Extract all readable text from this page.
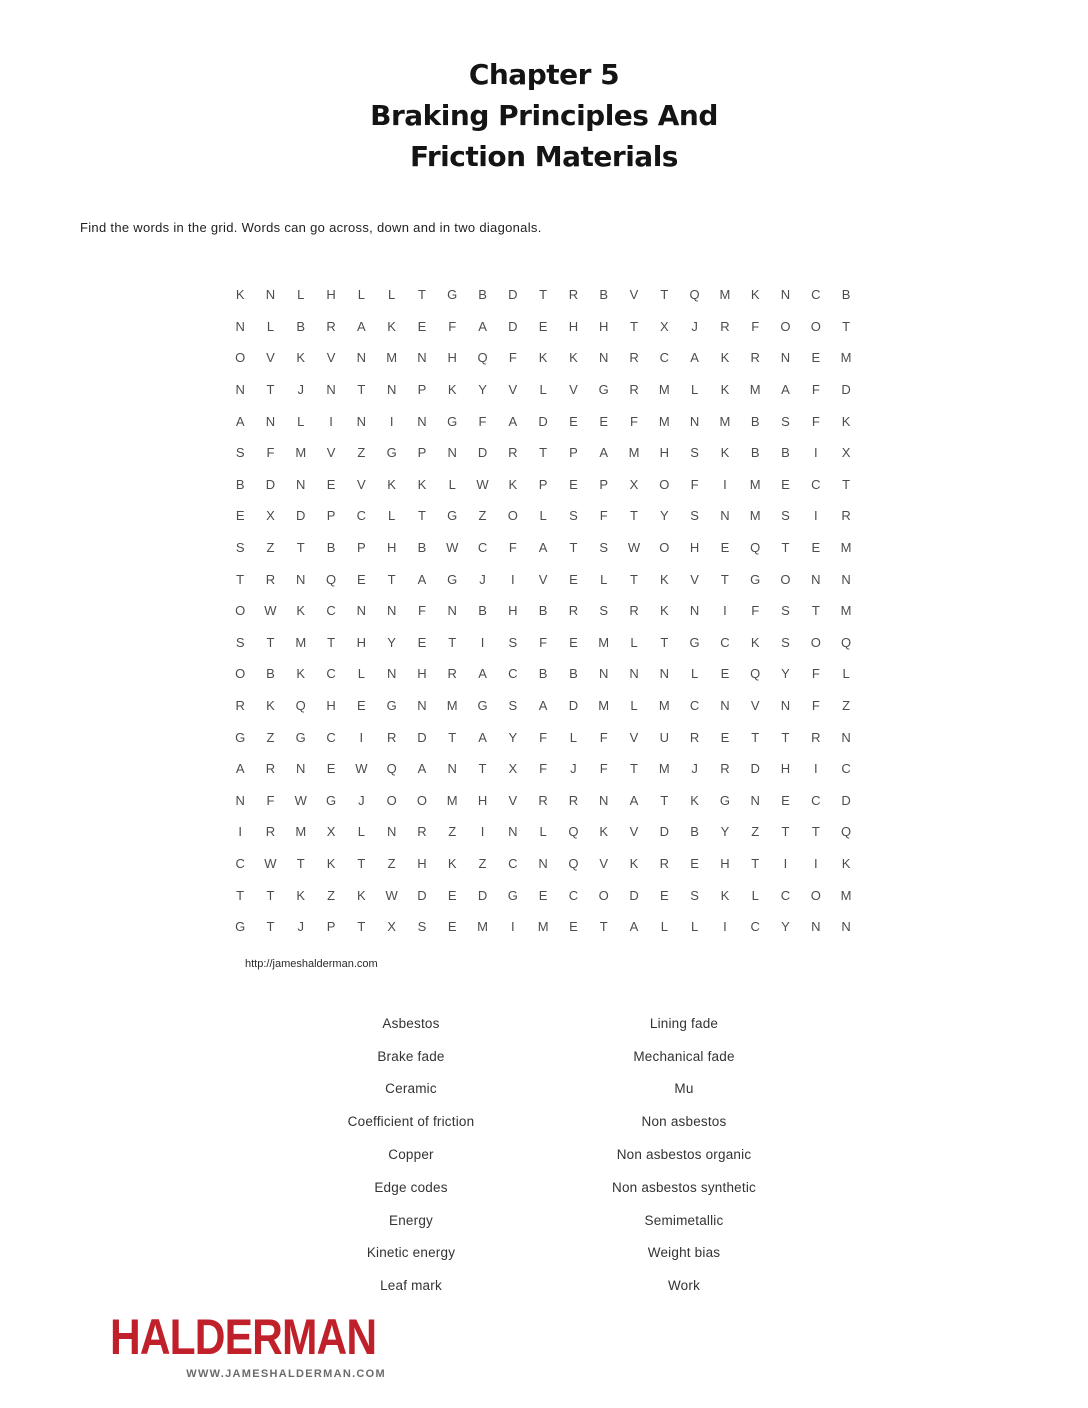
Chapter 5
Braking Principles And
Friction Materials

Find the words in the grid. Words can go across, down and in two diagonals.

K	N	L	H	L	L	T	G	B	D	T	R	B	V	T	Q	M	K	N	C	B
N	L	B	R	A	K	E	F	A	D	E	H	H	T	X	J	R	F	O	O	T
O	V	K	V	N	M	N	H	Q	F	K	K	N	R	C	A	K	R	N	E	M
N	T	J	N	T	N	P	K	Y	V	L	V	G	R	M	L	K	M	A	F	D
A	N	L	I	N	I	N	G	F	A	D	E	E	F	M	N	M	B	S	F	K
S	F	M	V	Z	G	P	N	D	R	T	P	A	M	H	S	K	B	B	I	X
B	D	N	E	V	K	K	L	W	K	P	E	P	X	O	F	I	M	E	C	T
E	X	D	P	C	L	T	G	Z	O	L	S	F	T	Y	S	N	M	S	I	R
S	Z	T	B	P	H	B	W	C	F	A	T	S	W	O	H	E	Q	T	E	M
T	R	N	Q	E	T	A	G	J	I	V	E	L	T	K	V	T	G	O	N	N
O	W	K	C	N	N	F	N	B	H	B	R	S	R	K	N	I	F	S	T	M
S	T	M	T	H	Y	E	T	I	S	F	E	M	L	T	G	C	K	S	O	Q
O	B	K	C	L	N	H	R	A	C	B	B	N	N	N	L	E	Q	Y	F	L
R	K	Q	H	E	G	N	M	G	S	A	D	M	L	M	C	N	V	N	F	Z
G	Z	G	C	I	R	D	T	A	Y	F	L	F	V	U	R	E	T	T	R	N
A	R	N	E	W	Q	A	N	T	X	F	J	F	T	M	J	R	D	H	I	C
N	F	W	G	J	O	O	M	H	V	R	R	N	A	T	K	G	N	E	C	D
I	R	M	X	L	N	R	Z	I	N	L	Q	K	V	D	B	Y	Z	T	T	Q
C	W	T	K	T	Z	H	K	Z	C	N	Q	V	K	R	E	H	T	I	I	K
T	T	K	Z	K	W	D	E	D	G	E	C	O	D	E	S	K	L	C	O	M
G	T	J	P	T	X	S	E	M	I	M	E	T	A	L	L	I	C	Y	N	N
http://jameshalderman.com
Asbestos
Brake fade
Ceramic
Coefficient of friction
Copper
Edge codes
Energy
Kinetic energy
Leaf mark
Lining fade
Mechanical fade
Mu
Non asbestos
Non asbestos organic
Non asbestos synthetic
Semimetallic
Weight bias
Work
HALDERMAN
WWW.JAMESHALDERMAN.COM
